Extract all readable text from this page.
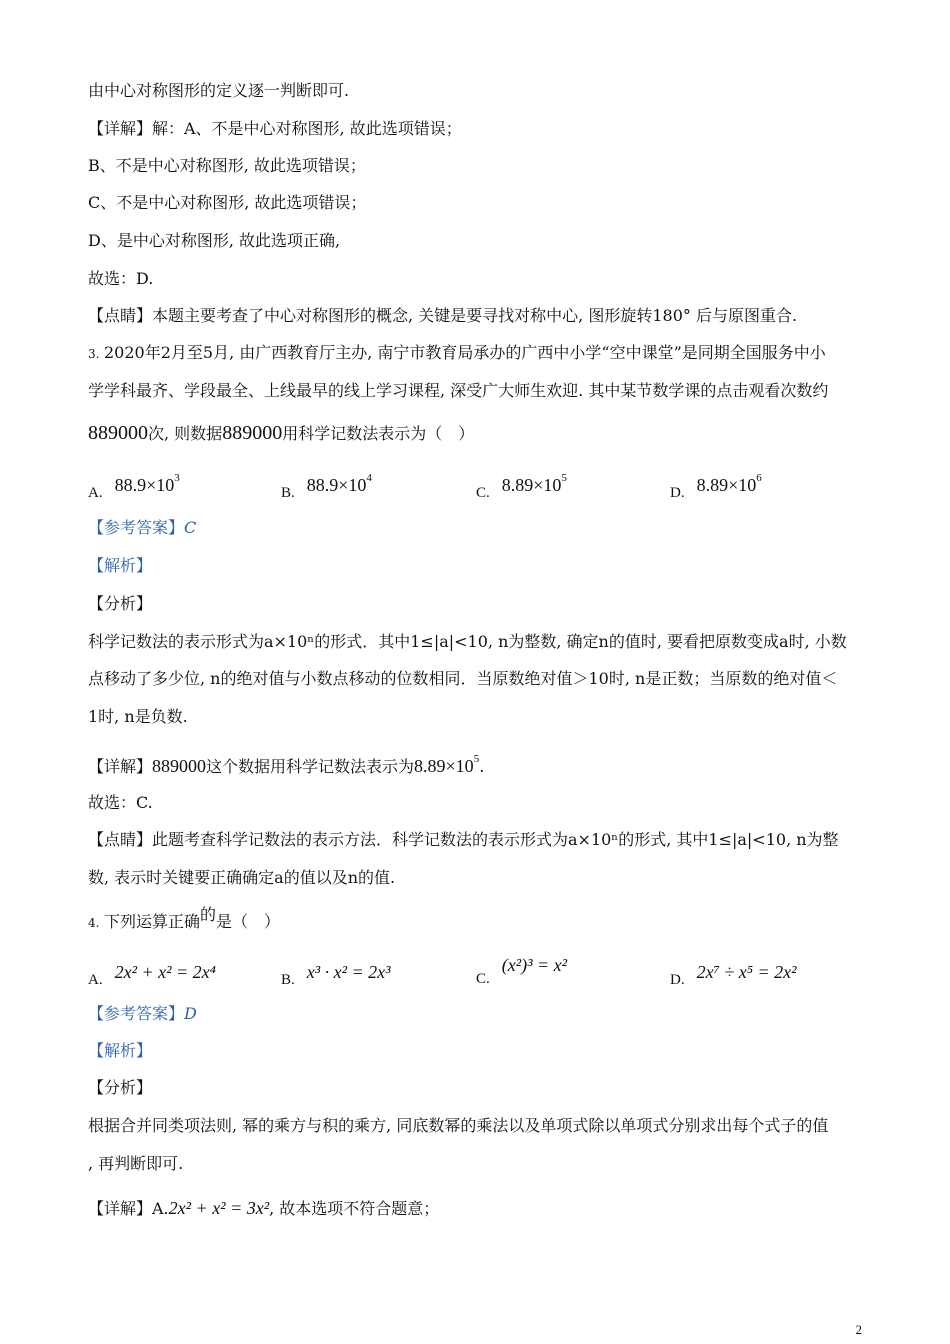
由中心对称图形的定义逐一判断即可.
【详解】解：A、不是中心对称图形, 故此选项错误；
B、不是中心对称图形, 故此选项错误；
C、不是中心对称图形, 故此选项错误；
D、是中心对称图形, 故此选项正确,
故选：D.
【点睛】本题主要考查了中心对称图形的概念, 关键是要寻找对称中心, 图形旋转180° 后与原图重合.
3. 2020年2月至5月, 由广西教育厅主办, 南宁市教育局承办的广西中小学“空中课堂”是同期全国服务中小
学学科最齐、学段最全、上线最早的线上学习课程, 深受广大师生欢迎. 其中某节数学课的点击观看次数约
889000次, 则数据889000用科学记数法表示为（　）
A. $88.9\times 10^3$
B. $88.9\times 10^4$
C. $8.89\times 10^5$
D. $8.89\times 10^6$
【参考答案】C
【解析】
【分析】
科学记数法的表示形式为a×10ⁿ的形式．其中1≤|a|<10, n为整数, 确定n的值时, 要看把原数变成a时, 小数
点移动了多少位, n的绝对值与小数点移动的位数相同．当原数绝对值＞10时, n是正数；当原数的绝对值＜
1时, n是负数.
【详解】889000这个数据用科学记数法表示为$8.89\times 10^5$.
故选：C.
【点睛】此题考查科学记数法的表示方法．科学记数法的表示形式为a×10ⁿ的形式, 其中1≤|a|<10, n为整
数, 表示时关键要正确确定a的值以及n的值.
4. 下列运算正确的是（　）
A. 2x² + x² = 2x⁴	B. x³ · x² = 2x³	C.(x²)³ = x²
D. 2x⁷ ÷ x⁵ = 2x²
【参考答案】D
【解析】
【分析】
根据合并同类项法则, 幂的乘方与积的乘方, 同底数幂的乘法以及单项式除以单项式分别求出每个式子的值
, 再判断即可.
【详解】A.2x² + x² = 3x², 故本选项不符合题意；
2
